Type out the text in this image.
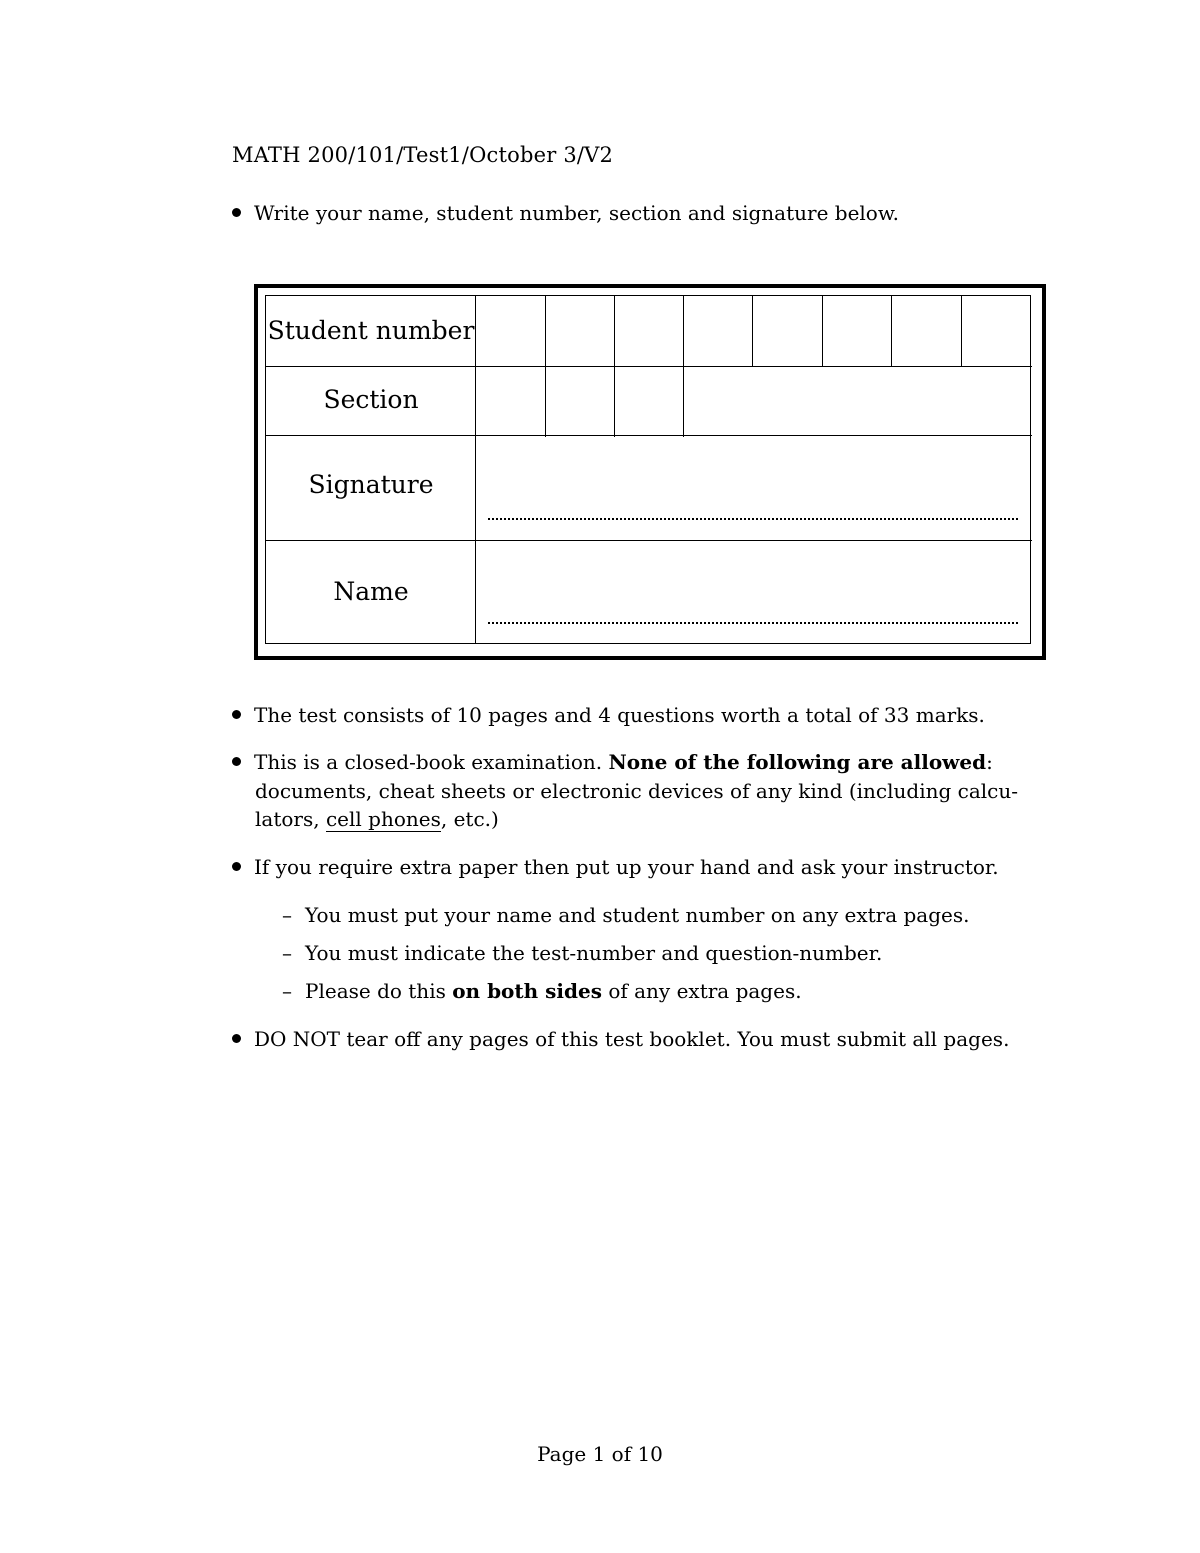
MATH 200/101/Test1/October 3/V2
Write your name, student number, section and signature below.
Student number
Section
Signature
Name
The test consists of 10 pages and 4 questions worth a total of 33 marks.
This is a closed-book examination. None of the following are allowed:
documents, cheat sheets or electronic devices of any kind (including calcu-
lators, cell phones, etc.)
If you require extra paper then put up your hand and ask your instructor.
– You must put your name and student number on any extra pages.
– You must indicate the test-number and question-number.
– Please do this on both sides of any extra pages.
DO NOT tear off any pages of this test booklet. You must submit all pages.
Page 1 of 10
